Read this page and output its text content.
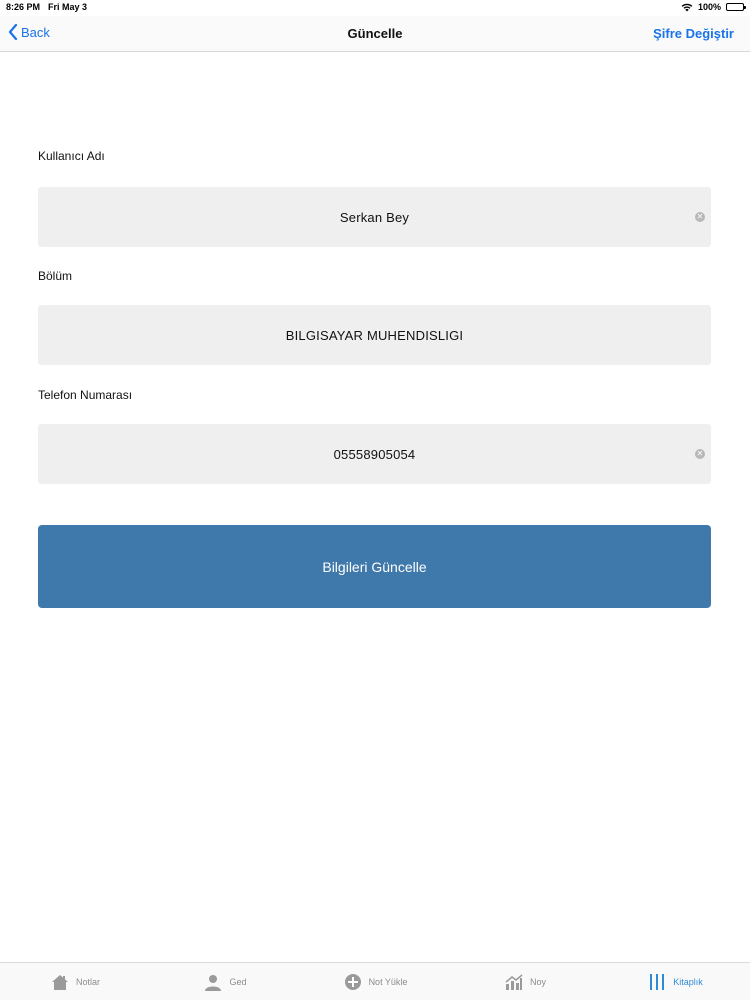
8:26 PM Fri May 3	100%
Back	Güncelle	Şifre Değiştir
Kullanıcı Adı
Serkan Bey	✕
Bölüm
BILGISAYAR MUHENDISLIGI
Telefon Numarası
05558905054	✕
Bilgileri Güncelle
Notlar	Ged	Not Yükle	Noy	Kitaplık
